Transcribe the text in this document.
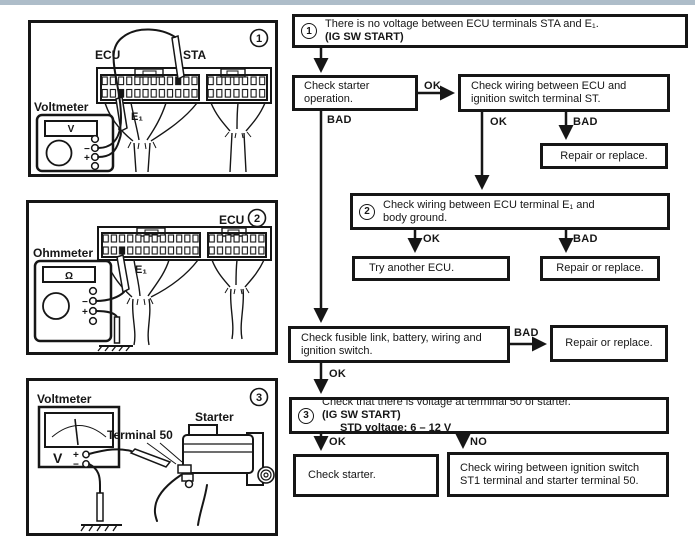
1
ECU	STA
E₁
Voltmeter
V
−
+
2
ECU
E₁
Ohmmeter
Ω
−
+
3
Voltmeter
V +
−
Terminal 50
Starter
1
There is no voltage between ECU terminals STA and E₁.
(IG SW START)
Check starter operation.
Check wiring between ECU and ignition switch terminal ST.
Repair or replace.
2
Check wiring between ECU terminal E₁ and
body ground.
Try another ECU.	Repair or replace.
Check fusible link, battery, wiring and ignition switch.
Repair or replace.
3
Check that there is voltage at terminal 50 of starter.
(IG SW START)
STD voltage: 6 – 12 V
Check starter.
Check wiring between ignition switch ST1 terminal and starter terminal 50.
OK
BAD	OK	BAD
OK	BAD
BAD
OK
OK	NO
